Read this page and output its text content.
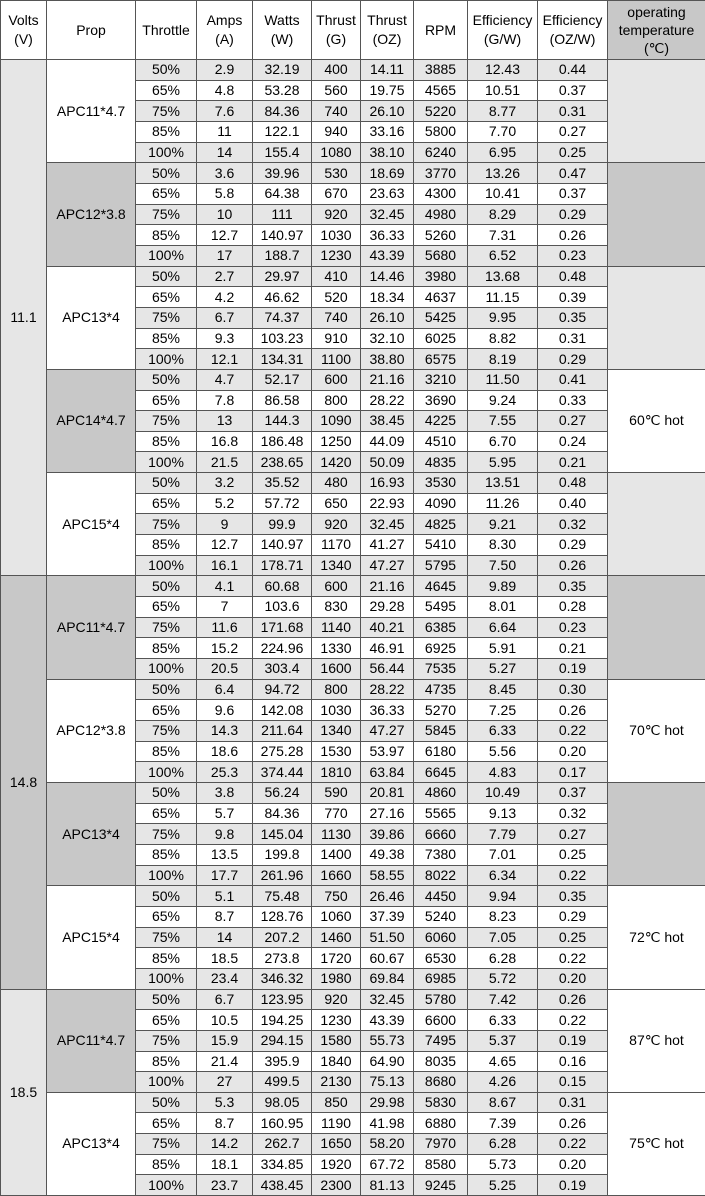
Volts (V)	Prop	Throttle	Amps (A)	Watts (W)	Thrust (G)	Thrust (OZ)	RPM	Efficiency (G/W)	Efficiency (OZ/W)	operating temperature (℃)
11.1	APC11*4.7	50%	2.9	32.19	400	14.11	3885	12.43	0.44	
		65%	4.8	53.28	560	19.75	4565	10.51	0.37	
		75%	7.6	84.36	740	26.10	5220	8.77	0.31	
		85%	11	122.1	940	33.16	5800	7.70	0.27	
		100%	14	155.4	1080	38.10	6240	6.95	0.25	
	APC12*3.8	50%	3.6	39.96	530	18.69	3770	13.26	0.47	
		65%	5.8	64.38	670	23.63	4300	10.41	0.37	
		75%	10	111	920	32.45	4980	8.29	0.29	
		85%	12.7	140.97	1030	36.33	5260	7.31	0.26	
		100%	17	188.7	1230	43.39	5680	6.52	0.23	
	APC13*4	50%	2.7	29.97	410	14.46	3980	13.68	0.48	
		65%	4.2	46.62	520	18.34	4637	11.15	0.39	
		75%	6.7	74.37	740	26.10	5425	9.95	0.35	
		85%	9.3	103.23	910	32.10	6025	8.82	0.31	
		100%	12.1	134.31	1100	38.80	6575	8.19	0.29	
	APC14*4.7	50%	4.7	52.17	600	21.16	3210	11.50	0.41	60℃ hot
		65%	7.8	86.58	800	28.22	3690	9.24	0.33	
		75%	13	144.3	1090	38.45	4225	7.55	0.27	
		85%	16.8	186.48	1250	44.09	4510	6.70	0.24	
		100%	21.5	238.65	1420	50.09	4835	5.95	0.21	
	APC15*4	50%	3.2	35.52	480	16.93	3530	13.51	0.48	
		65%	5.2	57.72	650	22.93	4090	11.26	0.40	
		75%	9	99.9	920	32.45	4825	9.21	0.32	
		85%	12.7	140.97	1170	41.27	5410	8.30	0.29	
		100%	16.1	178.71	1340	47.27	5795	7.50	0.26	
14.8	APC11*4.7	50%	4.1	60.68	600	21.16	4645	9.89	0.35	
		65%	7	103.6	830	29.28	5495	8.01	0.28	
		75%	11.6	171.68	1140	40.21	6385	6.64	0.23	
		85%	15.2	224.96	1330	46.91	6925	5.91	0.21	
		100%	20.5	303.4	1600	56.44	7535	5.27	0.19	
	APC12*3.8	50%	6.4	94.72	800	28.22	4735	8.45	0.30	70℃ hot
		65%	9.6	142.08	1030	36.33	5270	7.25	0.26	
		75%	14.3	211.64	1340	47.27	5845	6.33	0.22	
		85%	18.6	275.28	1530	53.97	6180	5.56	0.20	
		100%	25.3	374.44	1810	63.84	6645	4.83	0.17	
	APC13*4	50%	3.8	56.24	590	20.81	4860	10.49	0.37	
		65%	5.7	84.36	770	27.16	5565	9.13	0.32	
		75%	9.8	145.04	1130	39.86	6660	7.79	0.27	
		85%	13.5	199.8	1400	49.38	7380	7.01	0.25	
		100%	17.7	261.96	1660	58.55	8022	6.34	0.22	
	APC15*4	50%	5.1	75.48	750	26.46	4450	9.94	0.35	72℃ hot
		65%	8.7	128.76	1060	37.39	5240	8.23	0.29	
		75%	14	207.2	1460	51.50	6060	7.05	0.25	
		85%	18.5	273.8	1720	60.67	6530	6.28	0.22	
		100%	23.4	346.32	1980	69.84	6985	5.72	0.20	
18.5	APC11*4.7	50%	6.7	123.95	920	32.45	5780	7.42	0.26	87℃ hot
		65%	10.5	194.25	1230	43.39	6600	6.33	0.22	
		75%	15.9	294.15	1580	55.73	7495	5.37	0.19	
		85%	21.4	395.9	1840	64.90	8035	4.65	0.16	
		100%	27	499.5	2130	75.13	8680	4.26	0.15	
	APC13*4	50%	5.3	98.05	850	29.98	5830	8.67	0.31	75℃ hot
		65%	8.7	160.95	1190	41.98	6880	7.39	0.26	
		75%	14.2	262.7	1650	58.20	7970	6.28	0.22	
		85%	18.1	334.85	1920	67.72	8580	5.73	0.20	
		100%	23.7	438.45	2300	81.13	9245	5.25	0.19	
